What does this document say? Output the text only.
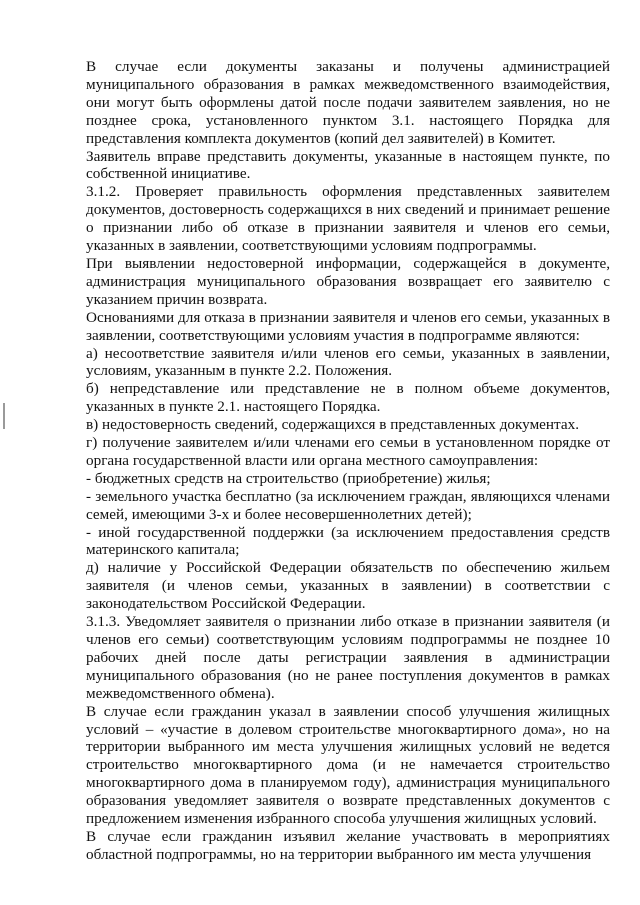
В случае если документы заказаны и получены администрацией муниципального образования в рамках межведомственного взаимодействия, они могут быть оформлены датой после подачи заявителем заявления, но не позднее срока, установленного пунктом 3.1. настоящего Порядка для представления комплекта документов (копий дел заявителей) в Комитет.

Заявитель вправе представить документы, указанные в настоящем пункте, по собственной инициативе.

3.1.2. Проверяет правильность оформления представленных заявителем документов, достоверность содержащихся в них сведений и принимает решение о признании либо об отказе в признании заявителя и членов его семьи, указанных в заявлении, соответствующими условиям подпрограммы.

При выявлении недостоверной информации, содержащейся в документе, администрация муниципального образования возвращает его заявителю с указанием причин возврата.

Основаниями для отказа в признании заявителя и членов его семьи, указанных в заявлении, соответствующими условиям участия в подпрограмме являются:

а) несоответствие заявителя и/или членов его семьи, указанных в заявлении, условиям, указанным в пункте 2.2. Положения.

б) непредставление или представление не в полном объеме документов, указанных в пункте 2.1. настоящего Порядка.

в) недостоверность сведений, содержащихся в представленных документах.

г) получение заявителем и/или членами его семьи в установленном порядке от органа государственной власти или органа местного самоуправления:

- бюджетных средств на строительство (приобретение) жилья;

- земельного участка бесплатно (за исключением граждан, являющихся членами семей, имеющими 3-х и более несовершеннолетних детей);

- иной государственной поддержки (за исключением предоставления средств материнского капитала;

д) наличие у Российской Федерации обязательств по обеспечению жильем заявителя (и членов семьи, указанных в заявлении) в соответствии с законодательством Российской Федерации.

3.1.3. Уведомляет заявителя о признании либо отказе в признании заявителя (и членов его семьи) соответствующим условиям подпрограммы не позднее 10 рабочих дней после даты регистрации заявления в администрации муниципального образования (но не ранее поступления документов в рамках межведомственного обмена).

В случае если гражданин указал в заявлении способ улучшения жилищных условий – «участие в долевом строительстве многоквартирного дома», но на территории выбранного им места улучшения жилищных условий не ведется строительство многоквартирного дома (и не намечается строительство многоквартирного дома в планируемом году), администрация муниципального образования уведомляет заявителя о возврате представленных документов с предложением изменения избранного способа улучшения жилищных условий.

В случае если гражданин изъявил желание участвовать в мероприятиях областной подпрограммы, но на территории выбранного им места улучшения
